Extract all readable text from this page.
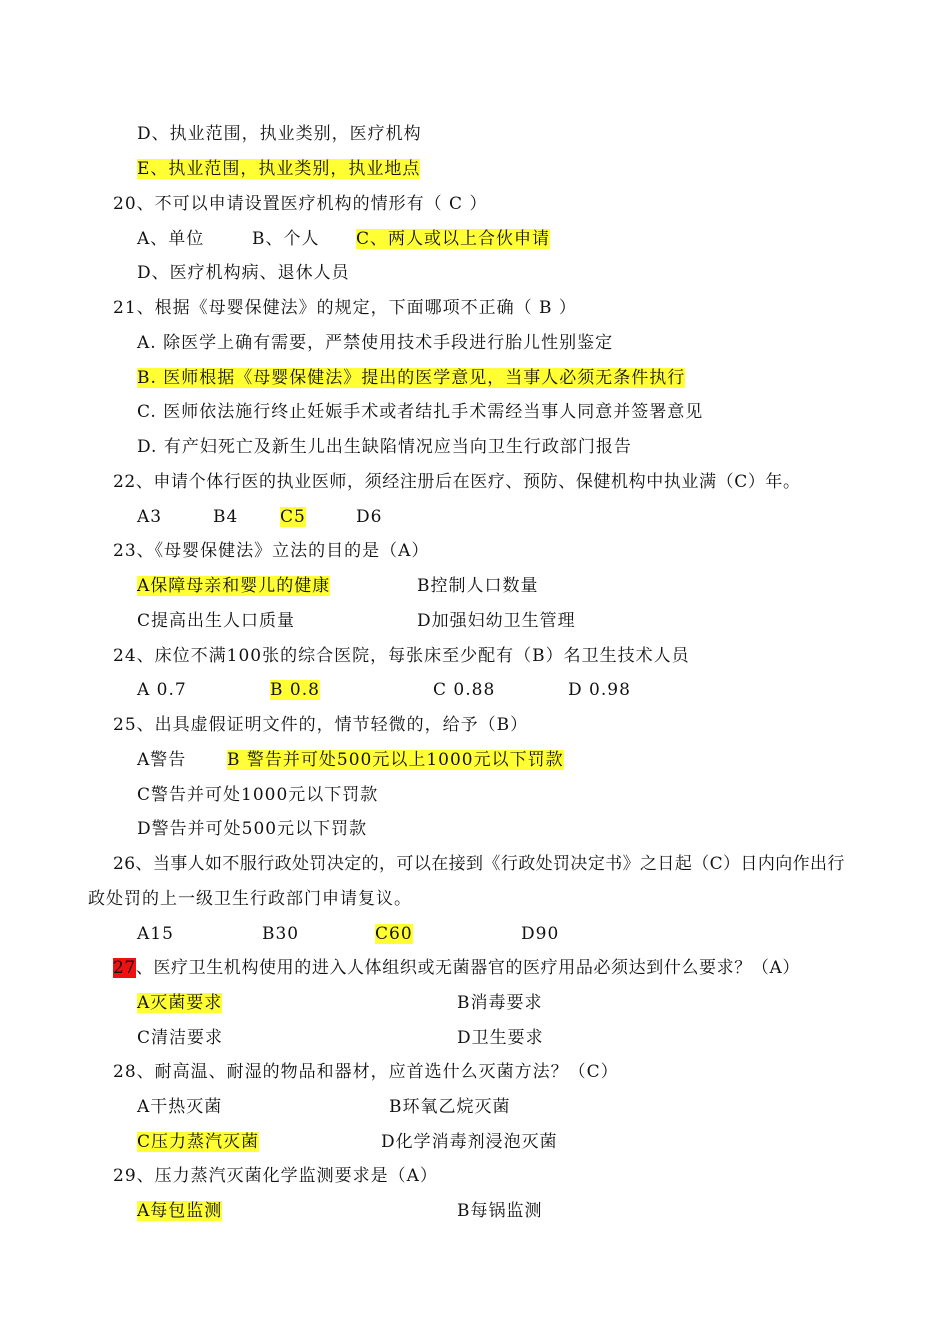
D、执业范围，执业类别，医疗机构
E、执业范围，执业类别，执业地点
20、不可以申请设置医疗机构的情形有（ C ）
A、单位	B、个人 C、两人或以上合伙申请
D、医疗机构病、退休人员
21、根据《母婴保健法》的规定，下面哪项不正确（ B ）
A. 除医学上确有需要，严禁使用技术手段进行胎儿性别鉴定
B. 医师根据《母婴保健法》提出的医学意见，当事人必须无条件执行
C. 医师依法施行终止妊娠手术或者结扎手术需经当事人同意并签署意见
D. 有产妇死亡及新生儿出生缺陷情况应当向卫生行政部门报告
22、申请个体行医的执业医师，须经注册后在医疗、预防、保健机构中执业满（C）年。
A3	B4 C5	D6
23、《母婴保健法》立法的目的是（A）
A保障母亲和婴儿的健康	B控制人口数量
C提高出生人口质量	D加强妇幼卫生管理
24、床位不满100张的综合医院，每张床至少配有（B）名卫生技术人员
A 0.7	B 0.8	C 0.88	D 0.98
25、出具虚假证明文件的，情节轻微的，给予（B）
A警告 B 警告并可处500元以上1000元以下罚款
C警告并可处1000元以下罚款
D警告并可处500元以下罚款
26、当事人如不服行政处罚决定的，可以在接到《行政处罚决定书》之日起（C）日内向作出行
政处罚的上一级卫生行政部门申请复议。
A15	B30	C60	D90
27、医疗卫生机构使用的进入人体组织或无菌器官的医疗用品必须达到什么要求？（A）
A灭菌要求	B消毒要求
C清洁要求	D卫生要求
28、耐高温、耐湿的物品和器材，应首选什么灭菌方法？（C）
A干热灭菌	B环氧乙烷灭菌
C压力蒸汽灭菌	D化学消毒剂浸泡灭菌
29、压力蒸汽灭菌化学监测要求是（A）
A每包监测	B每锅监测
